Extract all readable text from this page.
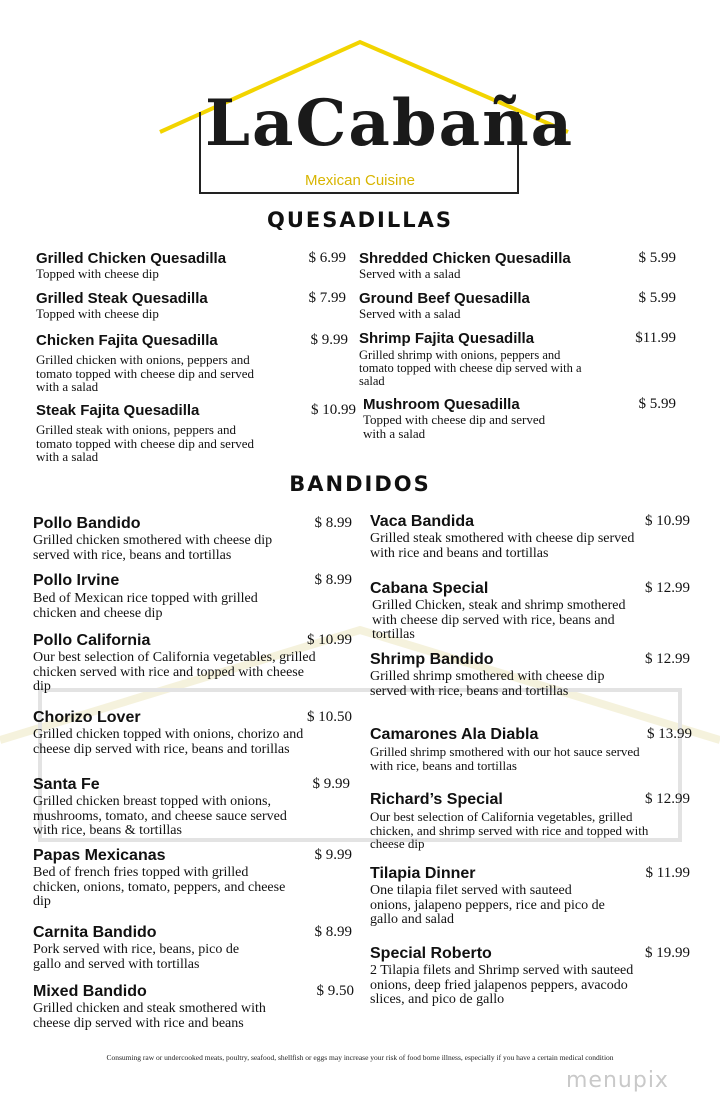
LaCabaña
Mexican Cuisine
QUESADILLAS
BANDIDOS
Grilled Chicken Quesadilla	$ 6.99
Topped with cheese dip
Grilled Steak Quesadilla	$ 7.99
Topped with cheese dip
Chicken Fajita Quesadilla	$ 9.99
Grilled chicken with onions, peppers and tomato topped with cheese dip and served with a salad
Steak Fajita Quesadilla	$ 10.99
Grilled steak with onions, peppers and tomato topped with cheese dip and served with a salad
Shredded Chicken Quesadilla	$ 5.99
Served with a salad
Ground Beef Quesadilla	$ 5.99
Served with a salad
Shrimp Fajita Quesadilla	$11.99
Grilled shrimp with onions, peppers and tomato topped with cheese dip served with a salad
Mushroom Quesadilla	$ 5.99
Topped with cheese dip and served with a salad
Pollo Bandido	$ 8.99
Grilled chicken smothered with cheese dip served with rice, beans and tortillas
Pollo Irvine	$ 8.99
Bed of Mexican rice topped with grilled chicken and cheese dip
Pollo California	$ 10.99
Our best selection of California vegetables, grilled chicken served with rice and topped with cheese dip
Chorizo Lover	$ 10.50
Grilled chicken topped with onions, chorizo and cheese dip served with rice, beans and torillas
Santa Fe	$ 9.99
Grilled chicken breast topped with onions, mushrooms, tomato, and cheese sauce served with rice, beans & tortillas
Papas Mexicanas	$ 9.99
Bed of french fries topped with grilled chicken, onions, tomato, peppers, and cheese dip
Carnita Bandido	$ 8.99
Pork served with rice, beans, pico de gallo and served with tortillas
Mixed Bandido	$ 9.50
Grilled chicken and steak smothered with cheese dip served with rice and beans
Vaca Bandida	$ 10.99
Grilled steak smothered with cheese dip served with rice and beans and tortillas
Cabana Special	$ 12.99
Grilled Chicken, steak and shrimp smothered with cheese dip served with rice, beans and tortillas
Shrimp Bandido	$ 12.99
Grilled shrimp smothered with cheese dip served with rice, beans and tortillas
Camarones Ala Diabla	$ 13.99
Grilled shrimp smothered with our hot sauce served with rice, beans and tortillas
Richard’s Special	$ 12.99
Our best selection of California vegetables, grilled chicken, and shrimp served with rice and topped with cheese dip
Tilapia Dinner	$ 11.99
One tilapia filet served with sauteed onions, jalapeno peppers, rice and pico de gallo and salad
Special Roberto	$ 19.99
2 Tilapia filets and Shrimp served with sauteed onions, deep fried jalapenos peppers, avacodo slices, and pico de gallo
Consuming raw or undercooked meats, poultry, seafood, shellfish or eggs may increase your risk of food borne illness, especially if you have a certain medical condition
menupix
